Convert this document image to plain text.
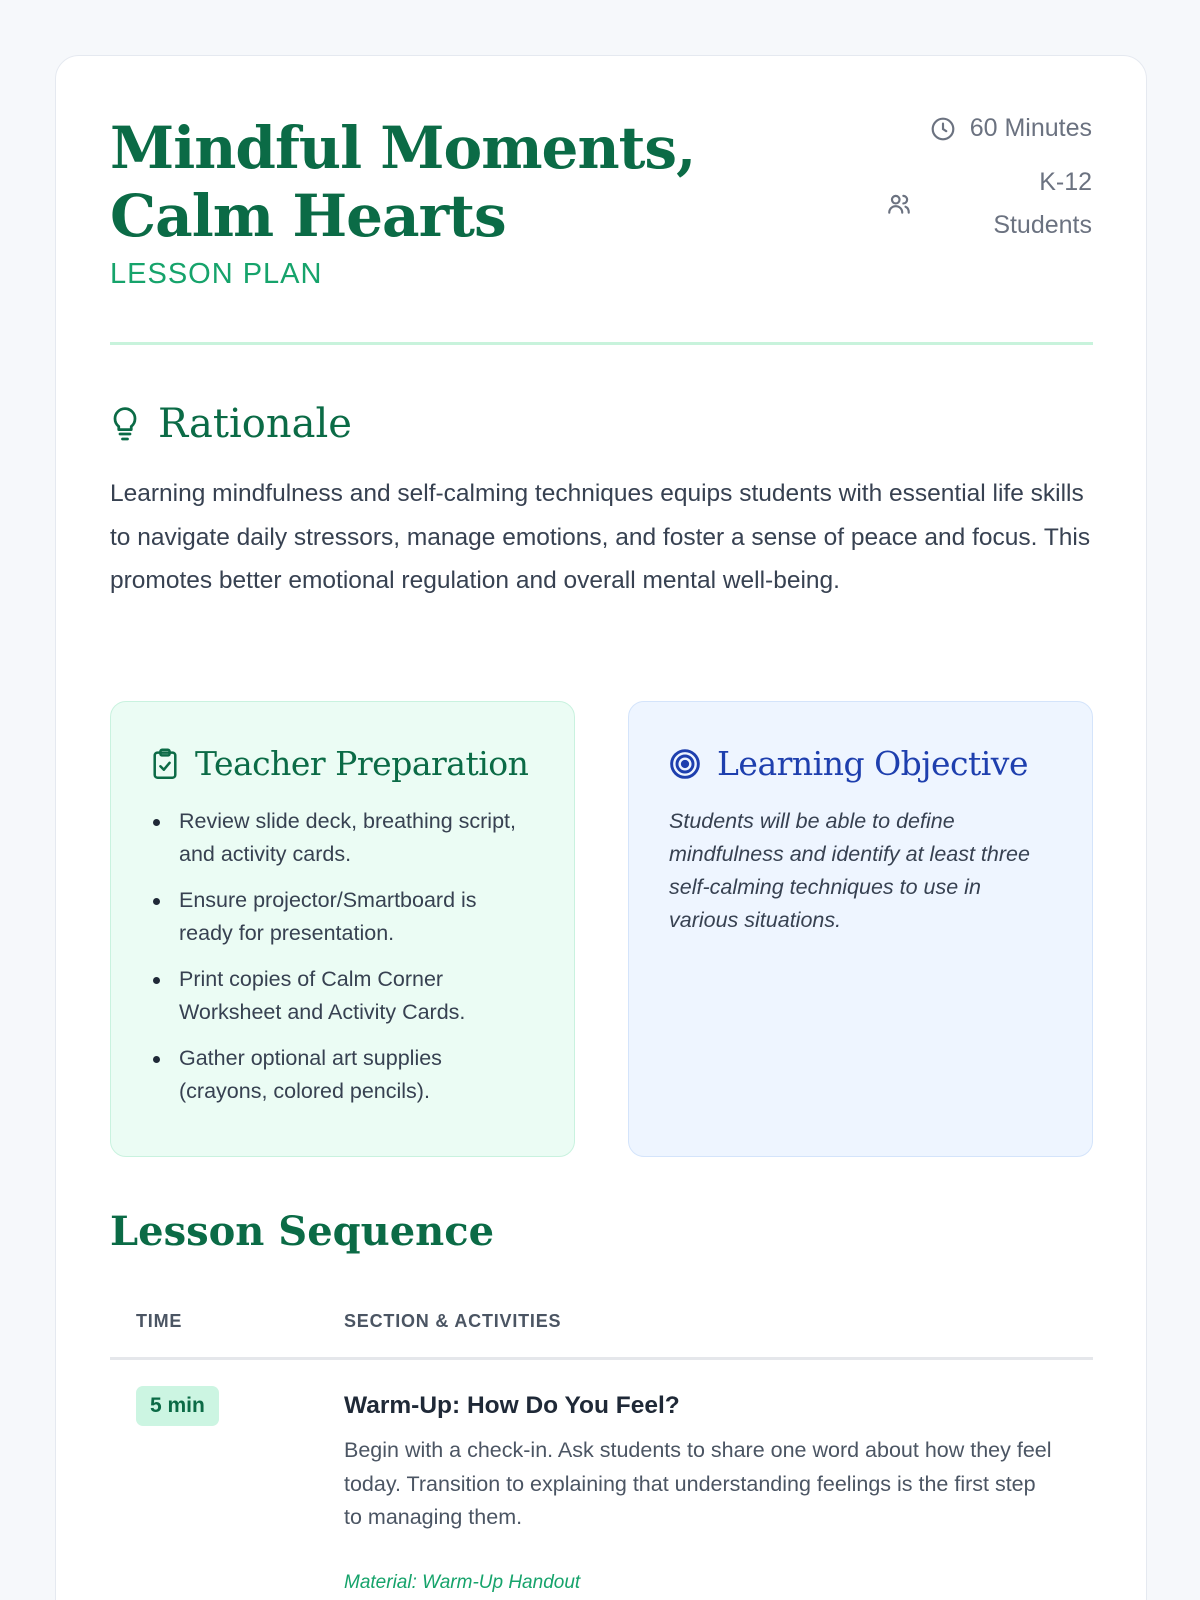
Mindful Moments, Calm Hearts
LESSON PLAN
60 Minutes
K-12 Students
Rationale

Learning mindfulness and self-calming techniques equips students with essential life skills to navigate daily stressors, manage emotions, and foster a sense of peace and focus. This promotes better emotional regulation and overall mental well-being.

Teacher Preparation
Review slide deck, breathing script, and activity cards.
Ensure projector/Smartboard is ready for presentation.
Print copies of Calm Corner Worksheet and Activity Cards.
Gather optional art supplies (crayons, colored pencils).
Learning Objective

Students will be able to define mindfulness and identify at least three self-calming techniques to use in various situations.

Lesson Sequence
TIME	SECTION & ACTIVITIES
5 min	Warm-Up: How Do You Feel?

Begin with a check-in. Ask students to share one word about how they feel today. Transition to explaining that understanding feelings is the first step to managing them.

Material: Warm-Up Handout
